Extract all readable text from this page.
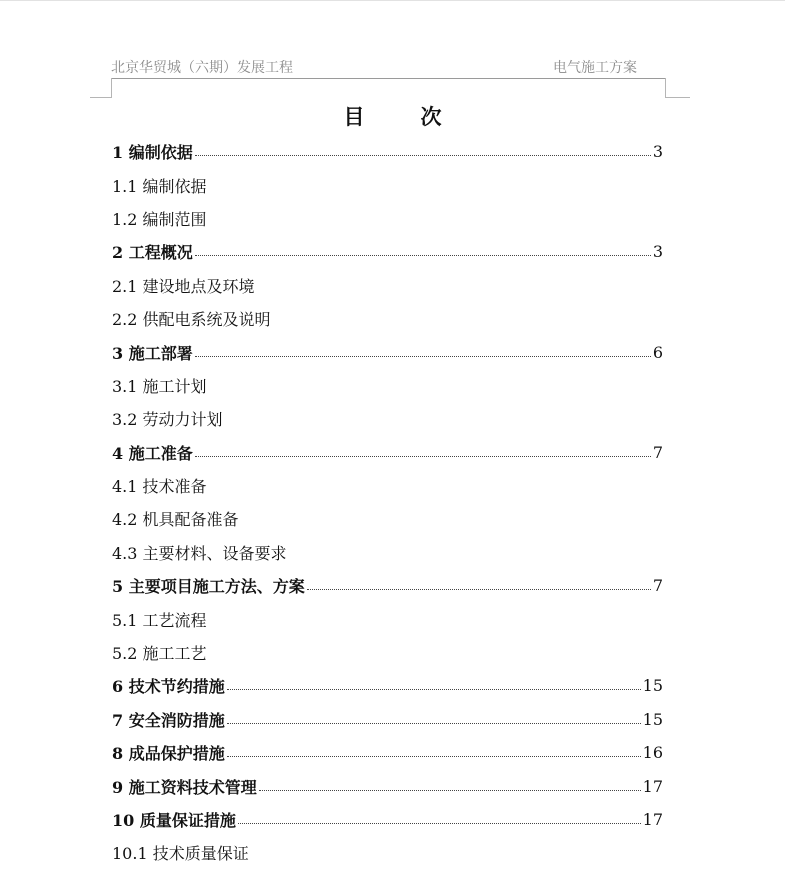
北京华贸城（六期）发展工程	电气施工方案
目次
1 编制依据	3
1.1 编制依据
1.2 编制范围
2 工程概况	3
2.1 建设地点及环境
2.2 供配电系统及说明
3 施工部署	6
3.1 施工计划
3.2 劳动力计划
4 施工准备	7
4.1 技术准备
4.2 机具配备准备
4.3 主要材料、设备要求
5 主要项目施工方法、方案	7
5.1 工艺流程
5.2 施工工艺
6 技术节约措施	15
7 安全消防措施	15
8 成品保护措施	16
9 施工资料技术管理	17
10 质量保证措施	17
10.1 技术质量保证
